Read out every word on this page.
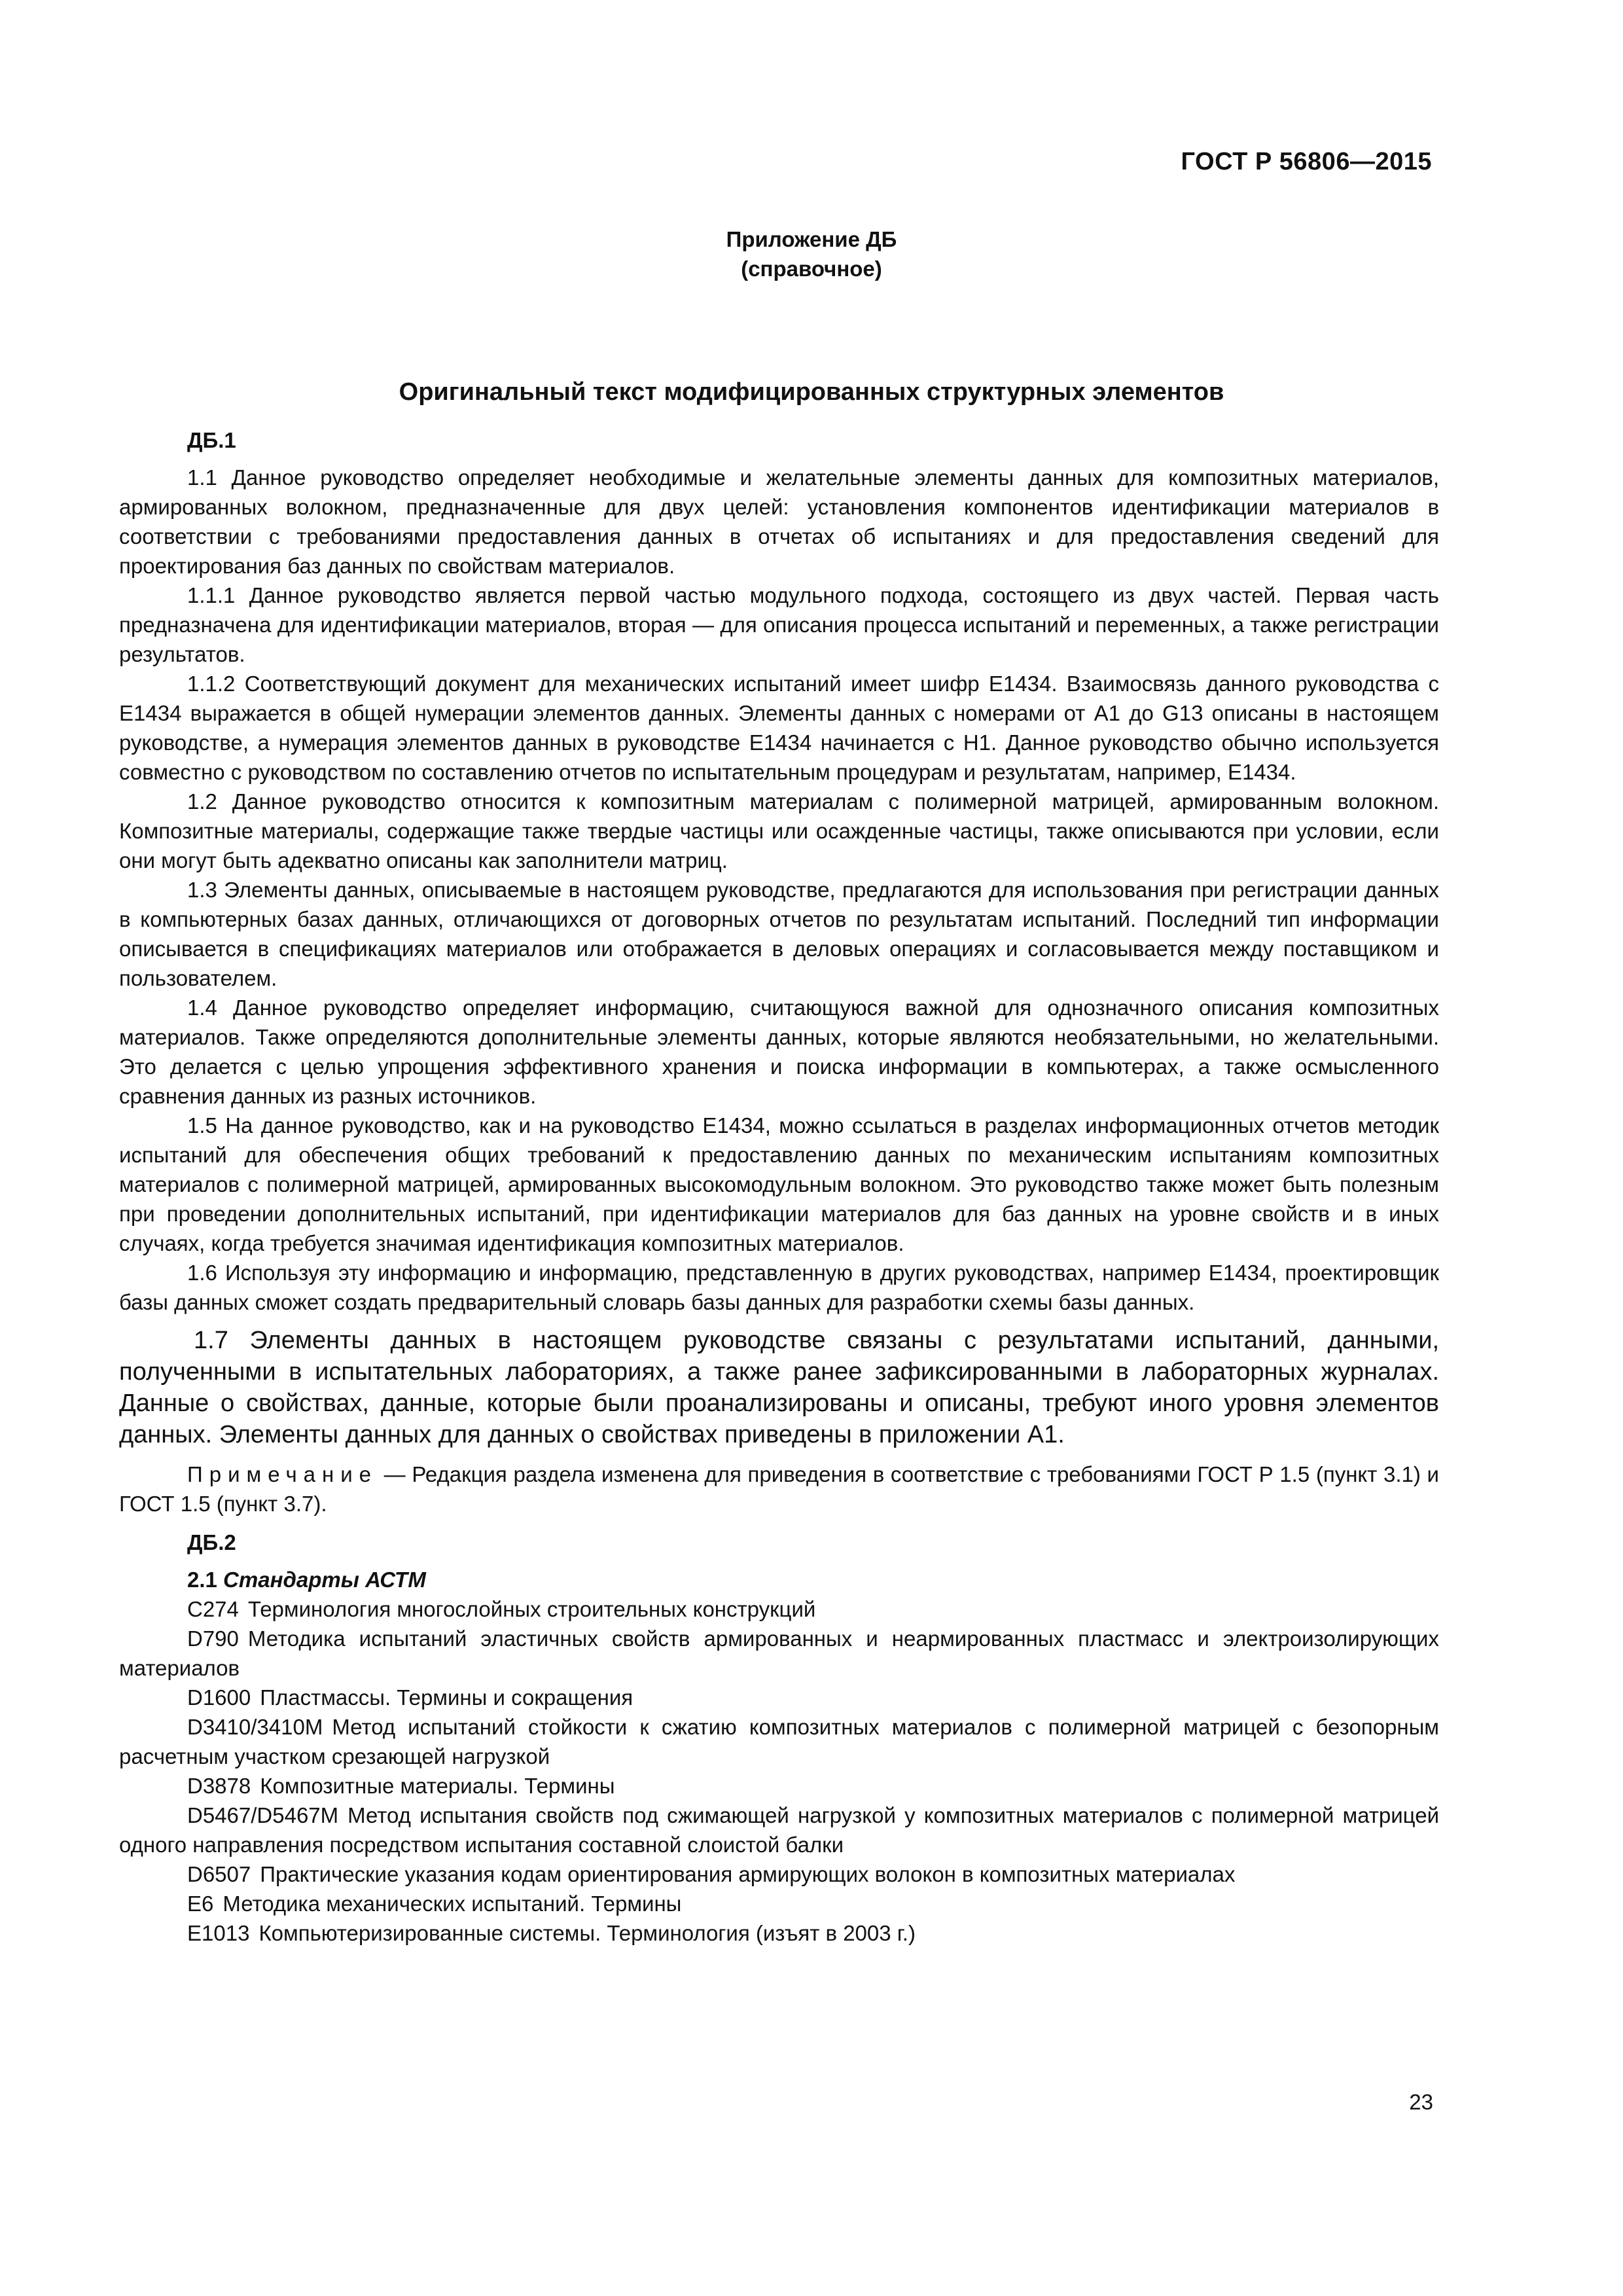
ГОСТ Р 56806—2015
Приложение ДБ
(справочное)
Оригинальный текст модифицированных структурных элементов

ДБ.1

1.1 Данное руководство определяет необходимые и желательные элементы данных для композитных материалов, армированных волокном, предназначенные для двух целей: установления компонентов идентификации материалов в соответствии с требованиями предоставления данных в отчетах об испытаниях и для предоставления сведений для проектирования баз данных по свойствам материалов.

1.1.1 Данное руководство является первой частью модульного подхода, состоящего из двух частей. Первая часть предназначена для идентификации материалов, вторая — для описания процесса испытаний и переменных, а также регистрации результатов.

1.1.2 Соответствующий документ для механических испытаний имеет шифр E1434. Взаимосвязь данного руководства с E1434 выражается в общей нумерации элементов данных. Элементы данных с номерами от A1 до G13 описаны в настоящем руководстве, а нумерация элементов данных в руководстве E1434 начинается с H1. Данное руководство обычно используется совместно с руководством по составлению отчетов по испытательным процедурам и результатам, например, E1434.

1.2 Данное руководство относится к композитным материалам с полимерной матрицей, армированным волокном. Композитные материалы, содержащие также твердые частицы или осажденные частицы, также описываются при условии, если они могут быть адекватно описаны как заполнители матриц.

1.3 Элементы данных, описываемые в настоящем руководстве, предлагаются для использования при регистрации данных в компьютерных базах данных, отличающихся от договорных отчетов по результатам испытаний. Последний тип информации описывается в спецификациях материалов или отображается в деловых операциях и согласовывается между поставщиком и пользователем.

1.4 Данное руководство определяет информацию, считающуюся важной для однозначного описания композитных материалов. Также определяются дополнительные элементы данных, которые являются необязательными, но желательными. Это делается с целью упрощения эффективного хранения и поиска информации в компьютерах, а также осмысленного сравнения данных из разных источников.

1.5 На данное руководство, как и на руководство E1434, можно ссылаться в разделах информационных отчетов методик испытаний для обеспечения общих требований к предоставлению данных по механическим испытаниям композитных материалов с полимерной матрицей, армированных высокомодульным волокном. Это руководство также может быть полезным при проведении дополнительных испытаний, при идентификации материалов для баз данных на уровне свойств и в иных случаях, когда требуется значимая идентификация композитных материалов.

1.6 Используя эту информацию и информацию, представленную в других руководствах, например E1434, проектировщик базы данных сможет создать предварительный словарь базы данных для разработки схемы базы данных.

1.7 Элементы данных в настоящем руководстве связаны с результатами испытаний, данными, полученными в испытательных лабораториях, а также ранее зафиксированными в лабораторных журналах. Данные о свойствах, данные, которые были проанализированы и описаны, требуют иного уровня элементов данных. Элементы данных для данных о свойствах приведены в приложении A1.

Примечание — Редакция раздела изменена для приведения в соответствие с требованиями ГОСТ Р 1.5 (пункт 3.1) и ГОСТ 1.5 (пункт 3.7).

ДБ.2

2.1 Стандарты АСТМ

C274 Терминология многослойных строительных конструкций

D790 Методика испытаний эластичных свойств армированных и неармированных пластмасс и электроизолирующих материалов

D1600 Пластмассы. Термины и сокращения

D3410/3410M Метод испытаний стойкости к сжатию композитных материалов с полимерной матрицей с безопорным расчетным участком срезающей нагрузкой

D3878 Композитные материалы. Термины

D5467/D5467M Метод испытания свойств под сжимающей нагрузкой у композитных материалов с полимерной матрицей одного направления посредством испытания составной слоистой балки

D6507 Практические указания кодам ориентирования армирующих волокон в композитных материалах

E6 Методика механических испытаний. Термины

E1013 Компьютеризированные системы. Терминология (изъят в 2003 г.)

23
